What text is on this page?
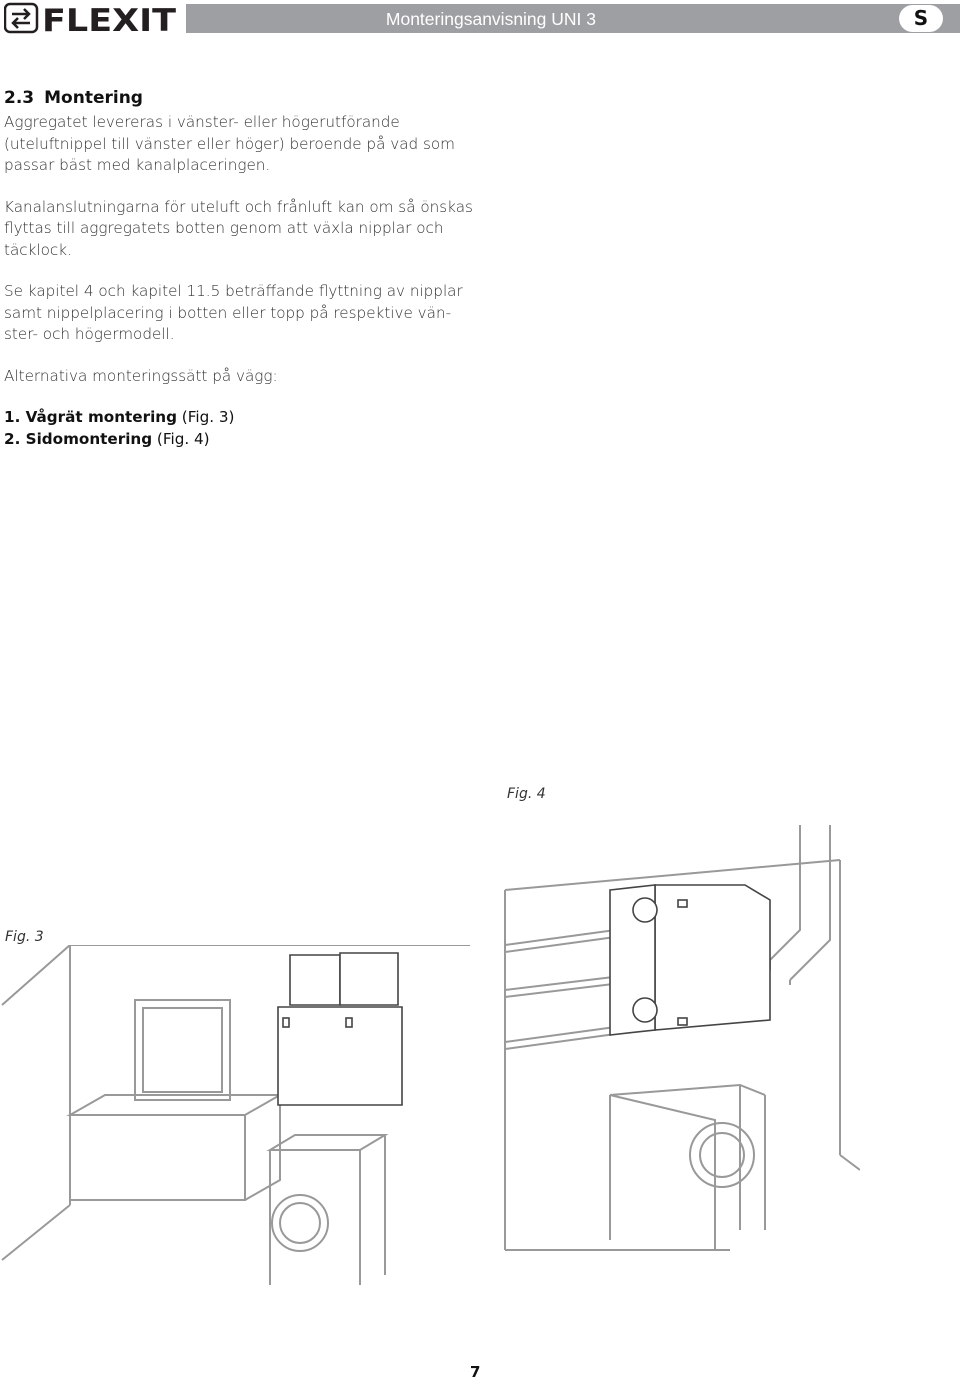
FLEXIT	Monteringsanvisning UNI 3	S
2.3 Montering

Aggregatet levereras i vänster- eller högerutförande (uteluftnippel till vänster eller höger) beroende på vad som passar bäst med kanalplaceringen.

Kanalanslutningarna för uteluft och frånluft kan om så önskas flyttas till aggregatets botten genom att växla nipplar och täcklock.

Se kapitel 4 och kapitel 11.5 beträffande flyttning av nipplar samt nippelplacering i botten eller topp på respektive vän- ster- och högermodell.

Alternativa monteringssätt på vägg:

1. Vågrät montering (Fig. 3)
2. Sidomontering (Fig. 4)
Fig. 3
Fig. 4
7
